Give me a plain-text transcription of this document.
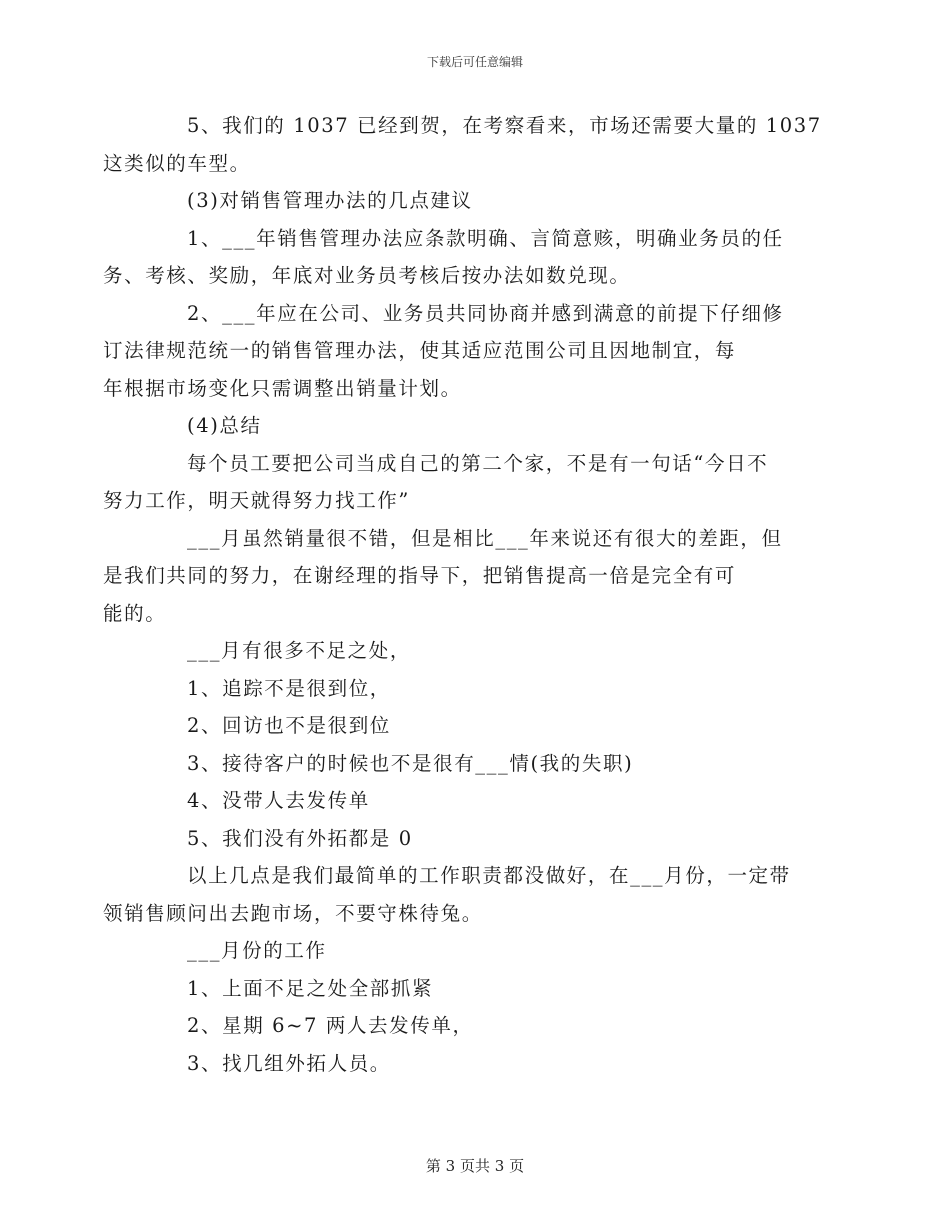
下载后可任意编辑

5、我们的 1037 已经到贺，在考察看来，市场还需要大量的 1037
这类似的车型。

(3)对销售管理办法的几点建议

1、___年销售管理办法应条款明确、言简意赅，明确业务员的任
务、考核、奖励，年底对业务员考核后按办法如数兑现。

2、___年应在公司、业务员共同协商并感到满意的前提下仔细修
订法律规范统一的销售管理办法，使其适应范围公司且因地制宜，每
年根据市场变化只需调整出销量计划。

(4)总结

每个员工要把公司当成自己的第二个家，不是有一句话“今日不
努力工作，明天就得努力找工作”

___月虽然销量很不错，但是相比___年来说还有很大的差距，但
是我们共同的努力，在谢经理的指导下，把销售提高一倍是完全有可
能的。

___月有很多不足之处，

1、追踪不是很到位，

2、回访也不是很到位

3、接待客户的时候也不是很有___情(我的失职)

4、没带人去发传单

5、我们没有外拓都是 0

以上几点是我们最简单的工作职责都没做好，在___月份，一定带
领销售顾问出去跑市场，不要守株待兔。

___月份的工作

1、上面不足之处全部抓紧

2、星期 6~7 两人去发传单，

3、找几组外拓人员。

第 3 页共 3 页
